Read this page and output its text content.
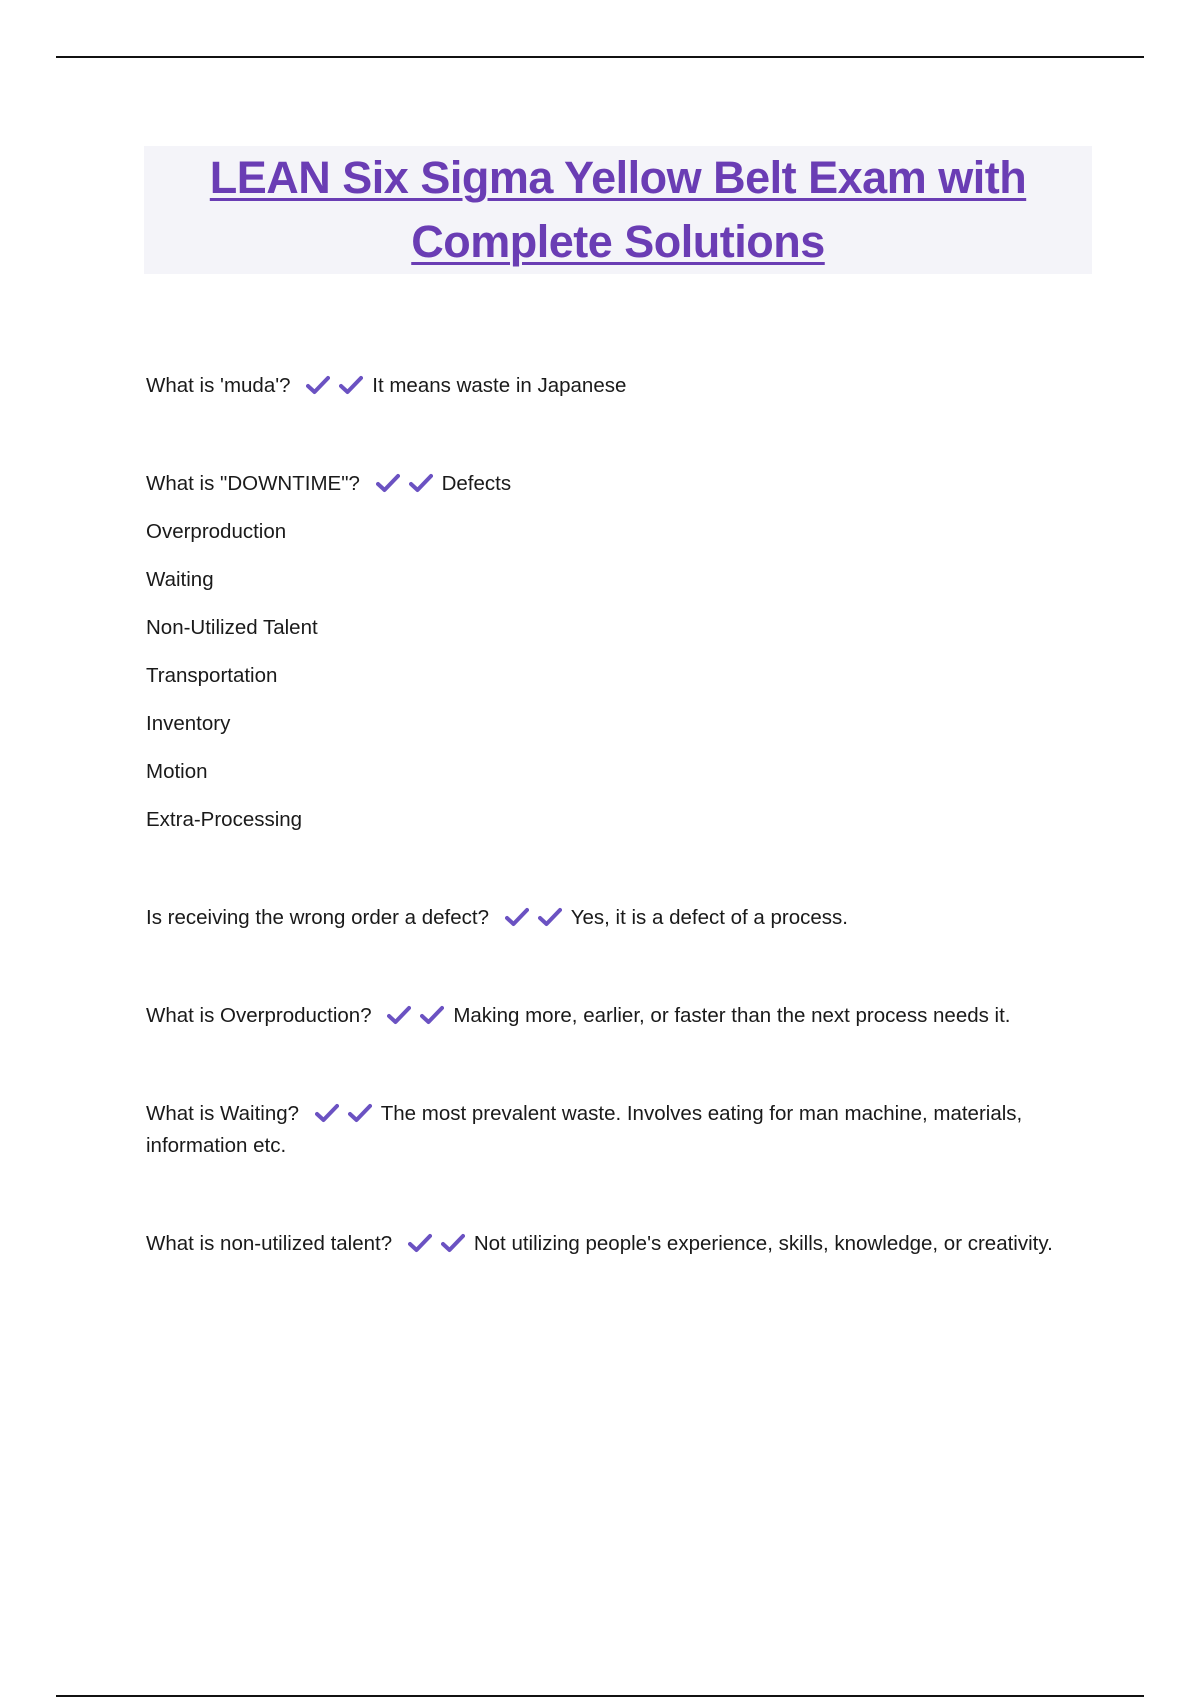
LEAN Six Sigma Yellow Belt Exam with
Complete Solutions

What is 'muda'?	It means waste in Japanese

What is "DOWNTIME"?	Defects
Overproduction
Waiting
Non-Utilized Talent
Transportation
Inventory
Motion
Extra-Processing

Is receiving the wrong order a defect?	Yes, it is a defect of a process.

What is Overproduction?	Making more, earlier, or faster than the next process needs it.

What is Waiting?	The most prevalent waste. Involves eating for man machine, materials, information etc.

What is non-utilized talent?	Not utilizing people's experience, skills, knowledge, or creativity.
